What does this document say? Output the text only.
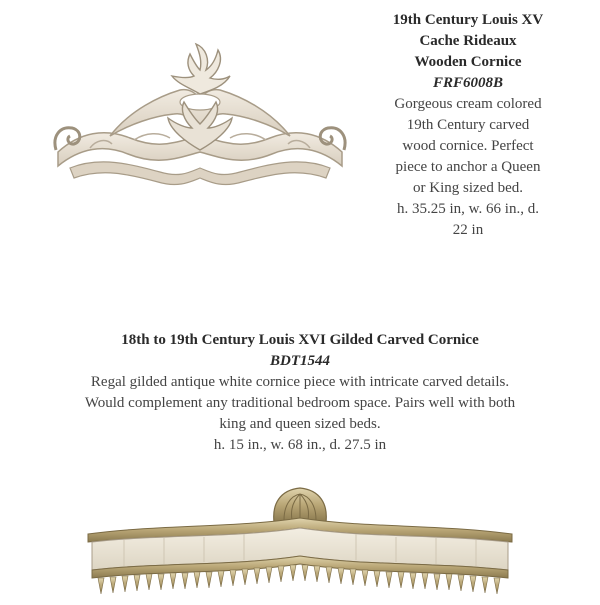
19th Century Louis XV
Cache Rideaux
Wooden Cornice
FRF6008B
Gorgeous cream colored
19th Century carved
wood cornice. Perfect
piece to anchor a Queen
or King sized bed.
h. 35.25 in, w. 66 in., d.
22 in
18th to 19th Century Louis XVI Gilded Carved Cornice
BDT1544
Regal gilded antique white cornice piece with intricate carved details.
Would complement any traditional bedroom space. Pairs well with both
king and queen sized beds.
h. 15 in., w. 68 in., d. 27.5 in
